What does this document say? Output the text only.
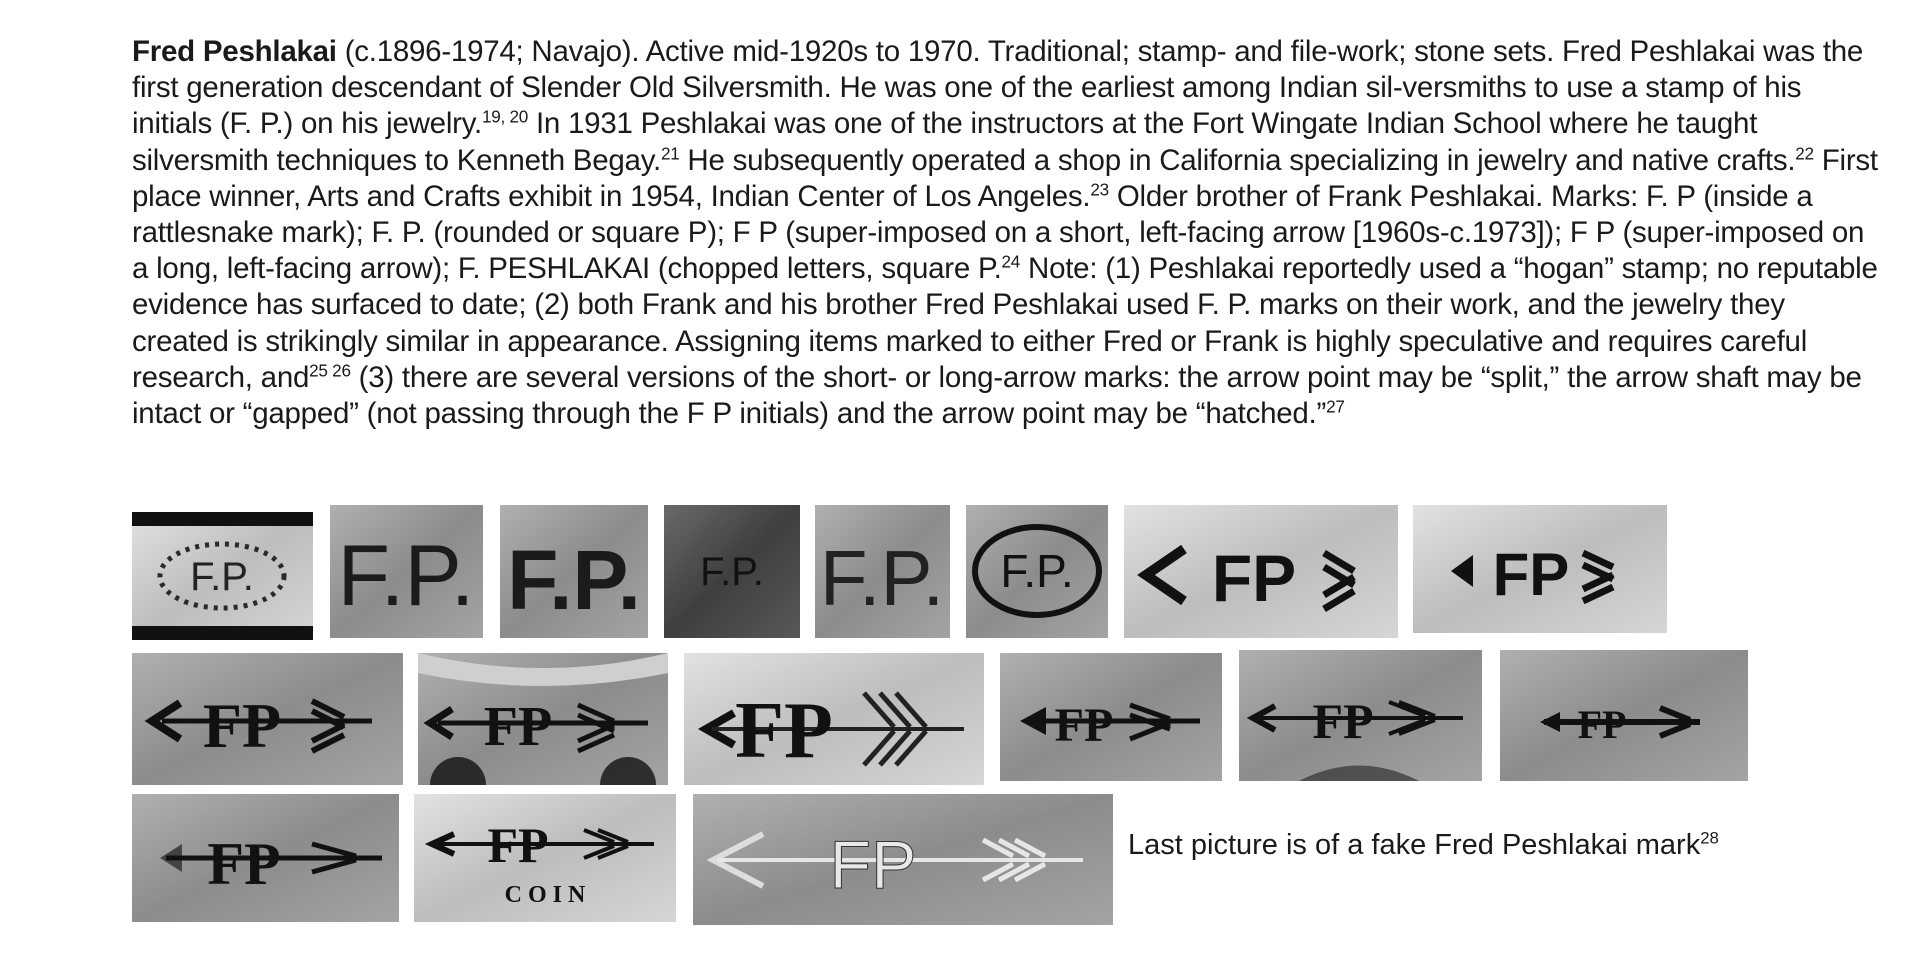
Fred Peshlakai (c.1896-1974; Navajo). Active mid-1920s to 1970. Traditional; stamp- and file-work; stone sets. Fred Peshlakai was the first generation descendant of Slender Old Silversmith. He was one of the earliest among Indian sil-versmiths to use a stamp of his initials (F. P.) on his jewelry.$^{19, 20}$ In 1931 Peshlakai was one of the instructors at the Fort Wingate Indian School where he taught silversmith techniques to Kenneth Begay.$^{21}$ He subsequently operated a shop in California specializing in jewelry and native crafts.$^{22}$ First place winner, Arts and Crafts exhibit in 1954, Indian Center of Los Angeles.$^{23}$ Older brother of Frank Peshlakai. Marks: F. P (inside a rattlesnake mark); F. P. (rounded or square P); F P (super-imposed on a short, left-facing arrow [1960s-c.1973]); F P (super-imposed on a long, left-facing arrow); F. PESHLAKAI (chopped letters, square P.$^{24}$ Note: (1) Peshlakai reportedly used a “hogan” stamp; no reputable evidence has surfaced to date; (2) both Frank and his brother Fred Peshlakai used F. P. marks on their work, and the jewelry they created is strikingly similar in appearance. Assigning items marked to either Fred or Frank is highly speculative and requires careful research, and$^{25 26}$ (3) there are several versions of the short- or long-arrow marks: the arrow point may be “split,” the arrow shaft may be intact or “gapped” (not passing through the F P initials) and the arrow point may be “hatched.”$^{27}$
F.P. F.P. F.P. F.P. F.P. F.P. FP	FP
FP	FP FP	FP	FP	FP
FP	FP
C O I N	FP	Last picture is of a fake Fred Peshlakai mark$^{28}$
